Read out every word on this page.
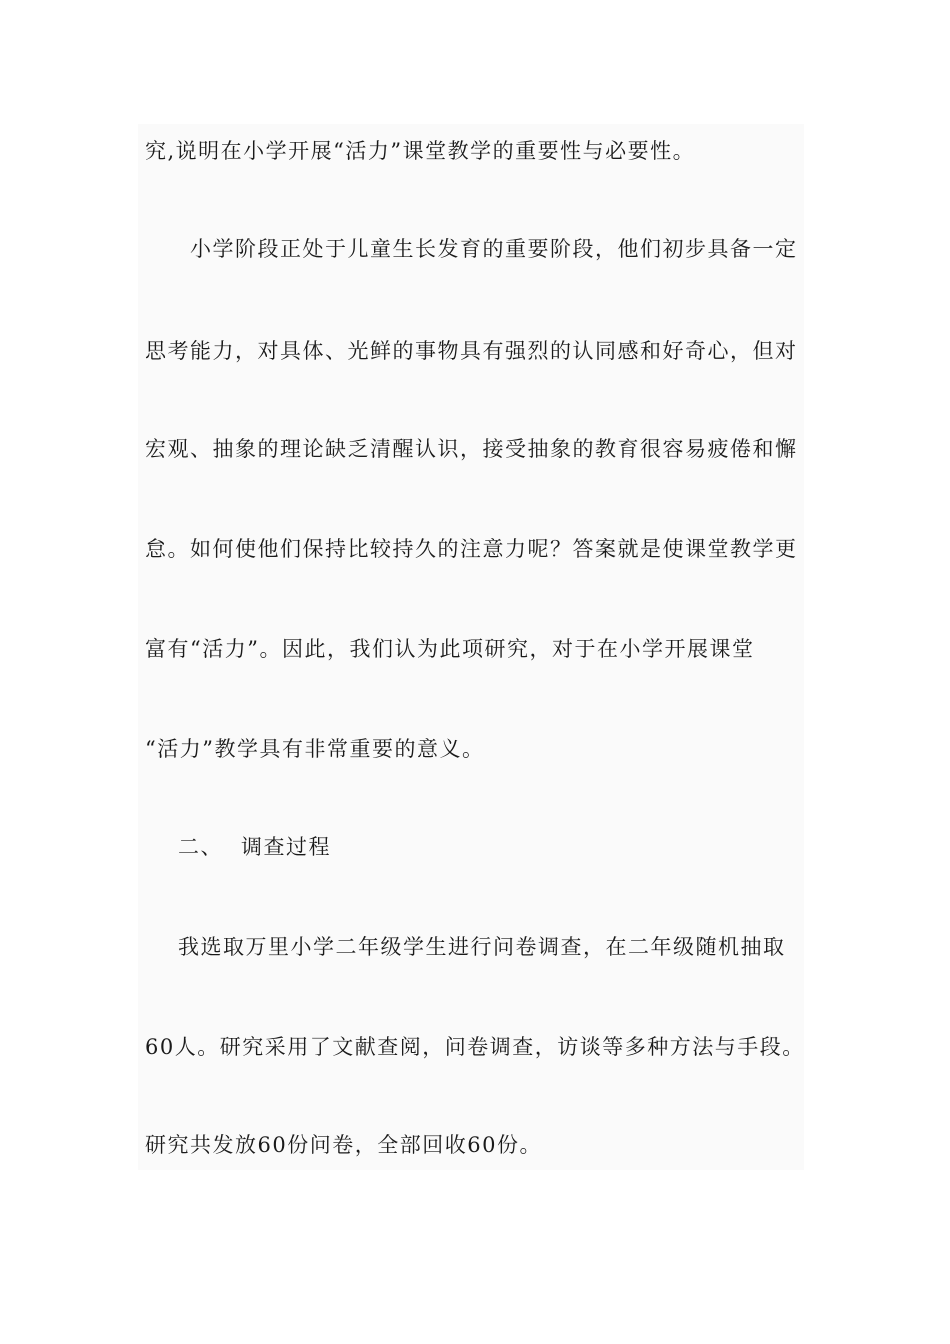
究,说明在小学开展“活力”课堂教学的重要性与必要性。
小学阶段正处于儿童生长发育的重要阶段，他们初步具备一定
思考能力，对具体、光鲜的事物具有强烈的认同感和好奇心，但对
宏观、抽象的理论缺乏清醒认识，接受抽象的教育很容易疲倦和懈
怠。如何使他们保持比较持久的注意力呢？答案就是使课堂教学更
富有“活力”。因此，我们认为此项研究，对于在小学开展课堂
“活力”教学具有非常重要的意义。
二、 调查过程
我选取万里小学二年级学生进行问卷调查，在二年级随机抽取
60人。研究采用了文献查阅，问卷调查，访谈等多种方法与手段。
研究共发放60份问卷，全部回收60份。
